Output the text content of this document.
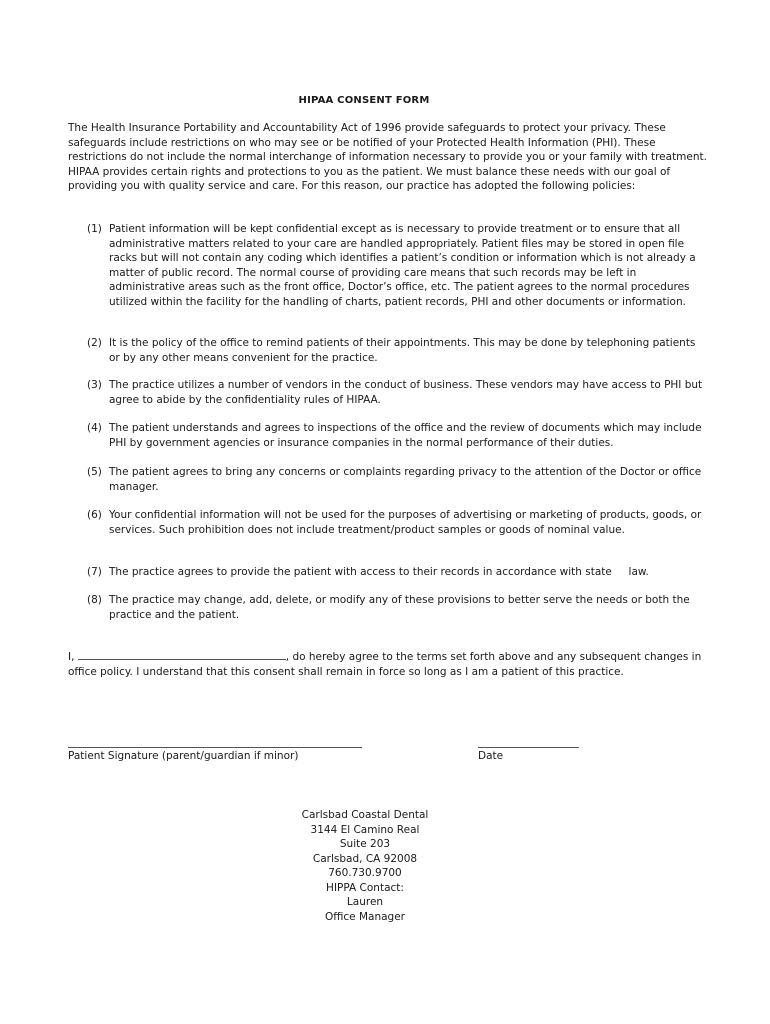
HIPAA CONSENT FORM

The Health Insurance Portability and Accountability Act of 1996 provide safeguards to protect your privacy. These safeguards include restrictions on who may see or be notified of your Protected Health Information (PHI). These restrictions do not include the normal interchange of information necessary to provide you or your family with treatment. HIPAA provides certain rights and protections to you as the patient. We must balance these needs with our goal of providing you with quality service and care. For this reason, our practice has adopted the following policies:

(1) Patient information will be kept confidential except as is necessary to provide treatment or to ensure that all administrative matters related to your care are handled appropriately. Patient files may be stored in open file racks but will not contain any coding which identifies a patient’s condition or information which is not already a matter of public record. The normal course of providing care means that such records may be left in administrative areas such as the front office, Doctor’s office, etc. The patient agrees to the normal procedures utilized within the facility for the handling of charts, patient records, PHI and other documents or information.

(2) It is the policy of the office to remind patients of their appointments. This may be done by telephoning patients or by any other means convenient for the practice.

(3) The practice utilizes a number of vendors in the conduct of business. These vendors may have access to PHI but agree to abide by the confidentiality rules of HIPAA.

(4) The patient understands and agrees to inspections of the office and the review of documents which may include PHI by government agencies or insurance companies in the normal performance of their duties.

(5) The patient agrees to bring any concerns or complaints regarding privacy to the attention of the Doctor or office manager.

(6) Your confidential information will not be used for the purposes of advertising or marketing of products, goods, or services. Such prohibition does not include treatment/product samples or goods of nominal value.

(7) The practice agrees to provide the patient with access to their records in accordance with state     law.

(8) The practice may change, add, delete, or modify any of these provisions to better serve the needs or both the practice and the patient.

I,	, do hereby agree to the terms set forth above and any subsequent changes in office policy. I understand that this consent shall remain in force so long as I am a patient of this practice.

Patient Signature (parent/guardian if minor)	Date
Carlsbad Coastal Dental
3144 El Camino Real
Suite 203
Carlsbad, CA 92008
760.730.9700
HIPPA Contact:
Lauren
Office Manager
